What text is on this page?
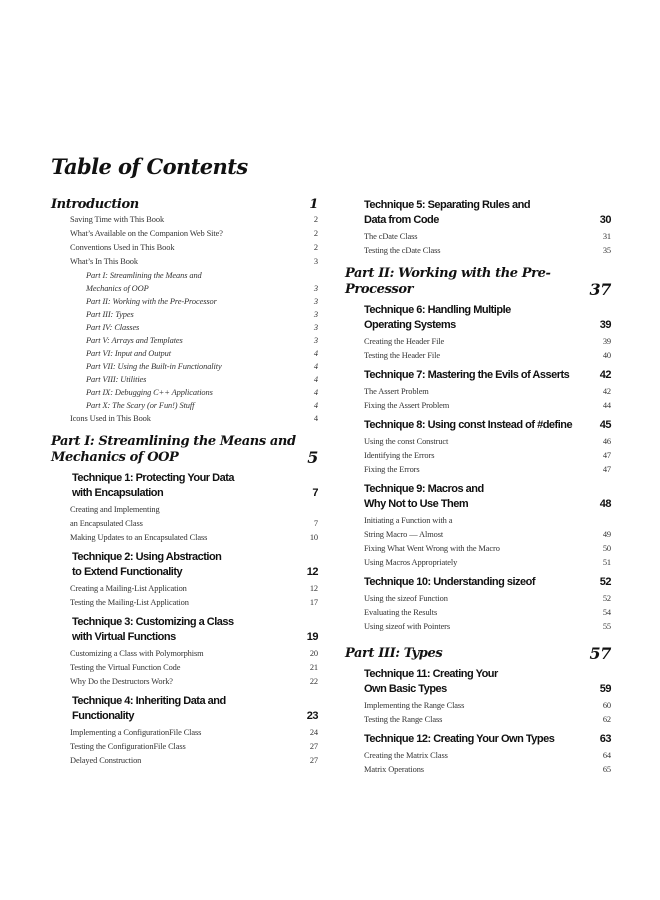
Table of Contents
Introduction	1
Saving Time with This Book	2
What’s Available on the Companion Web Site?	2
Conventions Used in This Book	2
What’s In This Book	3
Part I: Streamlining the Means and
Mechanics of OOP	3
Part II: Working with the Pre-Processor	3
Part III: Types	3
Part IV: Classes	3
Part V: Arrays and Templates	3
Part VI: Input and Output	4
Part VII: Using the Built-in Functionality	4
Part VIII: Utilities	4
Part IX: Debugging C++ Applications	4
Part X: The Scary (or Fun!) Stuff	4
Icons Used in This Book	4
Part I: Streamlining the Means and
Mechanics of OOP	5
Technique 1: Protecting Your Data
with Encapsulation	7
Creating and Implementing
an Encapsulated Class	7
Making Updates to an Encapsulated Class	10
Technique 2: Using Abstraction
to Extend Functionality	12
Creating a Mailing-List Application	12
Testing the Mailing-List Application	17
Technique 3: Customizing a Class
with Virtual Functions	19
Customizing a Class with Polymorphism	20
Testing the Virtual Function Code	21
Why Do the Destructors Work?	22
Technique 4: Inheriting Data and
Functionality	23
Implementing a ConfigurationFile Class	24
Testing the ConfigurationFile Class	27
Delayed Construction	27
Technique 5: Separating Rules and
Data from Code	30
The cDate Class	31
Testing the cDate Class	35
Part II: Working with the Pre-Processor	37
Technique 6: Handling Multiple
Operating Systems	39
Creating the Header File	39
Testing the Header File	40
Technique 7: Mastering the Evils of Asserts	42
The Assert Problem	42
Fixing the Assert Problem	44
Technique 8: Using const Instead of #define	45
Using the const Construct	46
Identifying the Errors	47
Fixing the Errors	47
Technique 9: Macros and
Why Not to Use Them	48
Initiating a Function with a
String Macro — Almost	49
Fixing What Went Wrong with the Macro	50
Using Macros Appropriately	51
Technique 10: Understanding sizeof	52
Using the sizeof Function	52
Evaluating the Results	54
Using sizeof with Pointers	55
Part III: Types	57
Technique 11: Creating Your
Own Basic Types	59
Implementing the Range Class	60
Testing the Range Class	62
Technique 12: Creating Your Own Types	63
Creating the Matrix Class	64
Matrix Operations	65
